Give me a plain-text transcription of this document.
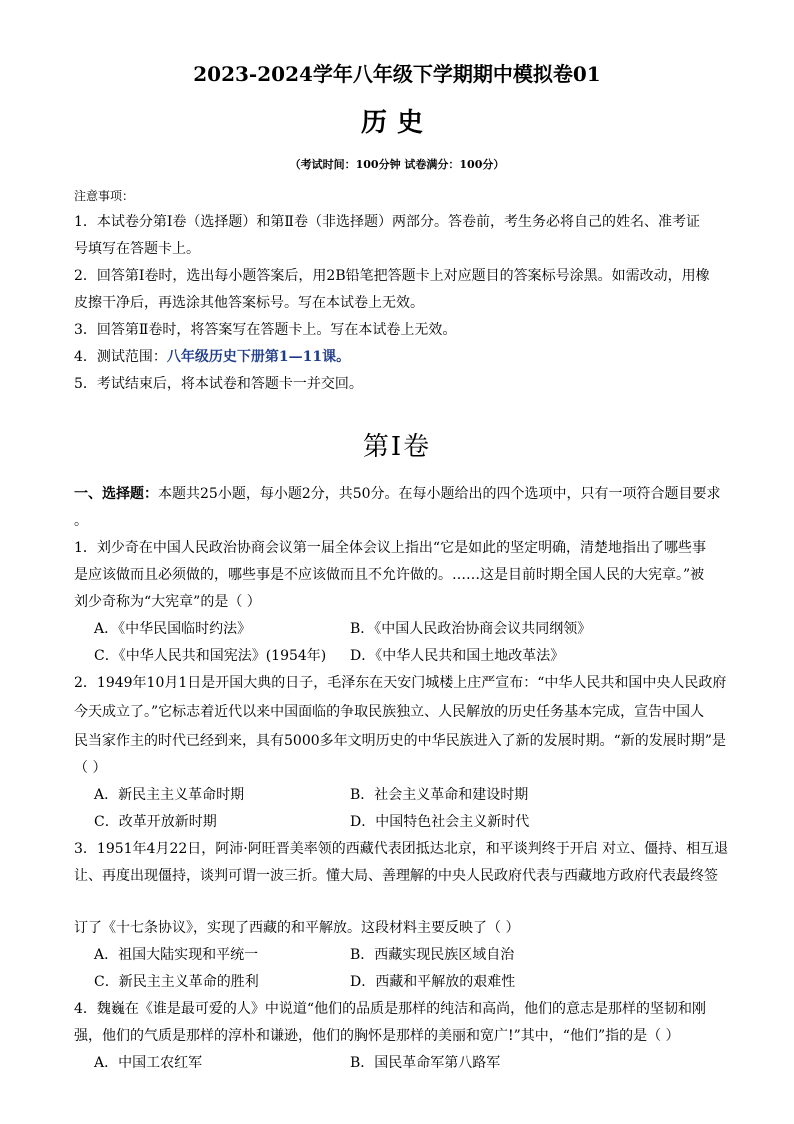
2023-2024学年八年级下学期期中模拟卷01
历史
（考试时间：100分钟 试卷满分：100分）
注意事项：
1．本试卷分第Ⅰ卷（选择题）和第Ⅱ卷（非选择题）两部分。答卷前，考生务必将自己的姓名、准考证
号填写在答题卡上。
2．回答第Ⅰ卷时，选出每小题答案后，用2B铅笔把答题卡上对应题目的答案标号涂黑。如需改动，用橡
皮擦干净后，再选涂其他答案标号。写在本试卷上无效。
3．回答第Ⅱ卷时，将答案写在答题卡上。写在本试卷上无效。
4．测试范围：八年级历史下册第1—11课。
5．考试结束后，将本试卷和答题卡一并交回。
第Ⅰ卷
一、选择题：本题共25小题，每小题2分，共50分。在每小题给出的四个选项中，只有一项符合题目要求
。
1．刘少奇在中国人民政治协商会议第一届全体会议上指出“它是如此的坚定明确，清楚地指出了哪些事
是应该做而且必须做的，哪些事是不应该做而且不允许做的。……这是目前时期全国人民的大宪章。”被
刘少奇称为“大宪章”的是（ ）
A．《中华民国临时约法》	B．《中国人民政治协商会议共同纲领》
C．《中华人民共和国宪法》(1954年) D．《中华人民共和国土地改革法》
2．1949年10月1日是开国大典的日子，毛泽东在天安门城楼上庄严宣布：“中华人民共和国中央人民政府
今天成立了。”它标志着近代以来中国面临的争取民族独立、人民解放的历史任务基本完成，宣告中国人
民当家作主的时代已经到来，具有5000多年文明历史的中华民族进入了新的发展时期。“新的发展时期”是
（ ）
A．新民主主义革命时期	B．社会主义革命和建设时期
C．改革开放新时期	D．中国特色社会主义新时代
3．1951年4月22日，阿沛·阿旺晋美率领的西藏代表团抵达北京，和平谈判终于开启 对立、僵持、相互退
让、再度出现僵持，谈判可谓一波三折。懂大局、善理解的中央人民政府代表与西藏地方政府代表最终签
订了《十七条协议》，实现了西藏的和平解放。这段材料主要反映了（ ）
A．祖国大陆实现和平统一	B．西藏实现民族区域自治
C．新民主主义革命的胜利	D．西藏和平解放的艰难性
4．魏巍在《谁是最可爱的人》中说道“他们的品质是那样的纯洁和高尚，他们的意志是那样的坚韧和刚
强，他们的气质是那样的淳朴和谦逊，他们的胸怀是那样的美丽和宽广!”其中，“他们”指的是（ ）
A．中国工农红军	B．国民革命军第八路军
